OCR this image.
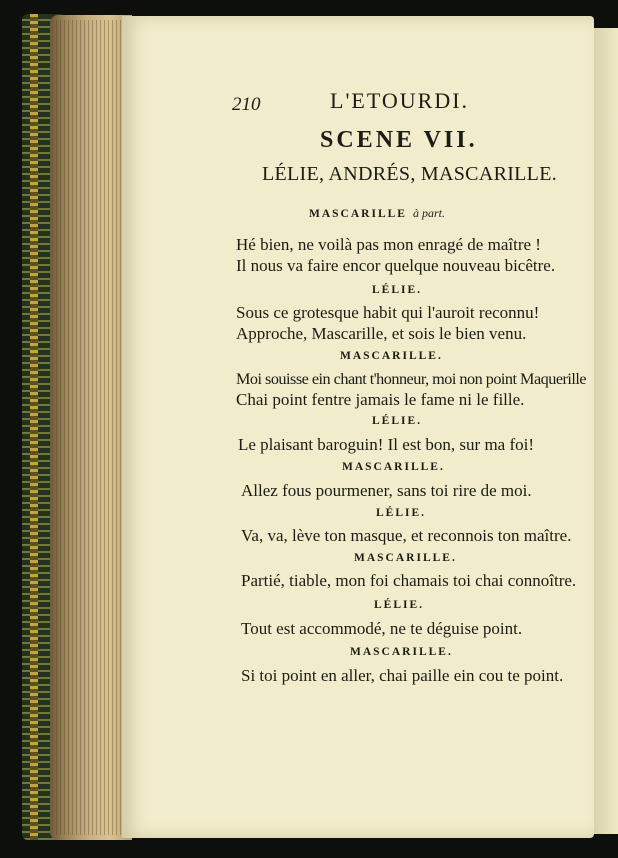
210	L'ETOURDI.
SCENE VII.
LÉLIE, ANDRÉS, MASCARILLE.
MASCARILLE à part.
Hé bien, ne voilà pas mon enragé de maître !
Il nous va faire encor quelque nouveau bicêtre.
LÉLIE.
Sous ce grotesque habit qui l'auroit reconnu!
Approche, Mascarille, et sois le bien venu.
MASCARILLE.
Moi souisse ein chant t'honneur, moi non point Maquerille
Chai point fentre jamais le fame ni le fille.
LÉLIE.
Le plaisant baroguin! Il est bon, sur ma foi!
MASCARILLE.
Allez fous pourmener, sans toi rire de moi.
LÉLIE.
Va, va, lève ton masque, et reconnois ton maître.
MASCARILLE.
Partié, tiable, mon foi chamais toi chai connoître.
LÉLIE.
Tout est accommodé, ne te déguise point.
MASCARILLE.
Si toi point en aller, chai paille ein cou te point.
